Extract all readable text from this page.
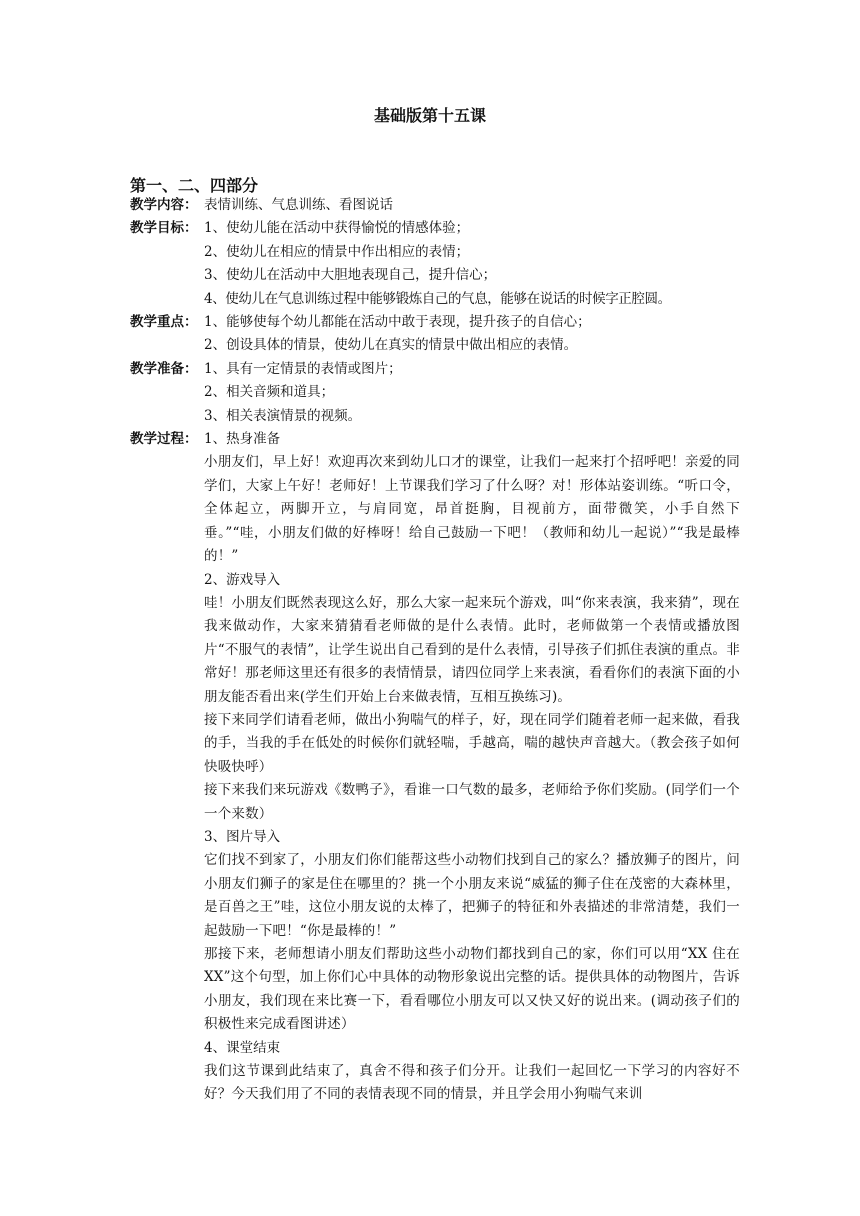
基础版第十五课
第一、二、四部分
教学内容： 表情训练、气息训练、看图说话
教学目标： 1、使幼儿能在活动中获得愉悦的情感体验；
2、使幼儿在相应的情景中作出相应的表情；
3、使幼儿在活动中大胆地表现自己，提升信心；
4、使幼儿在气息训练过程中能够锻炼自己的气息，能够在说话的时候字正腔圆。
教学重点： 1、能够使每个幼儿都能在活动中敢于表现，提升孩子的自信心；
2、创设具体的情景，使幼儿在真实的情景中做出相应的表情。
教学准备： 1、具有一定情景的表情或图片；
2、相关音频和道具；
3、相关表演情景的视频。
教学过程： 1、热身准备
小朋友们，早上好！欢迎再次来到幼儿口才的课堂，让我们一起来打个招呼吧！亲爱的同学们，大家上午好！老师好！上节课我们学习了什么呀？对！形体站姿训练。“听口令，全体起立，两脚开立，与肩同宽，昂首挺胸，目视前方，面带微笑，小手自然下垂。”“哇，小朋友们做的好棒呀！给自己鼓励一下吧！（教师和幼儿一起说）”“我是最棒的！”
2、游戏导入
哇！小朋友们既然表现这么好，那么大家一起来玩个游戏，叫“你来表演，我来猜”，现在我来做动作，大家来猜猜看老师做的是什么表情。此时，老师做第一个表情或播放图片“不服气的表情”，让学生说出自己看到的是什么表情，引导孩子们抓住表演的重点。非常好！那老师这里还有很多的表情情景，请四位同学上来表演，看看你们的表演下面的小朋友能否看出来(学生们开始上台来做表情，互相互换练习)。
接下来同学们请看老师，做出小狗喘气的样子，好，现在同学们随着老师一起来做，看我的手，当我的手在低处的时候你们就轻喘，手越高，喘的越快声音越大。（教会孩子如何快吸快呼）
接下来我们来玩游戏《数鸭子》，看谁一口气数的最多，老师给予你们奖励。(同学们一个一个来数）
3、图片导入
它们找不到家了，小朋友们你们能帮这些小动物们找到自己的家么？播放狮子的图片，问小朋友们狮子的家是住在哪里的？挑一个小朋友来说“威猛的狮子住在茂密的大森林里，是百兽之王”哇，这位小朋友说的太棒了，把狮子的特征和外表描述的非常清楚，我们一起鼓励一下吧！“你是最棒的！”
那接下来，老师想请小朋友们帮助这些小动物们都找到自己的家，你们可以用“XX 住在 XX”这个句型，加上你们心中具体的动物形象说出完整的话。提供具体的动物图片，告诉小朋友，我们现在来比赛一下，看看哪位小朋友可以又快又好的说出来。(调动孩子们的积极性来完成看图讲述）
4、课堂结束
我们这节课到此结束了，真舍不得和孩子们分开。让我们一起回忆一下学习的内容好不好？今天我们用了不同的表情表现不同的情景，并且学会用小狗喘气来训
